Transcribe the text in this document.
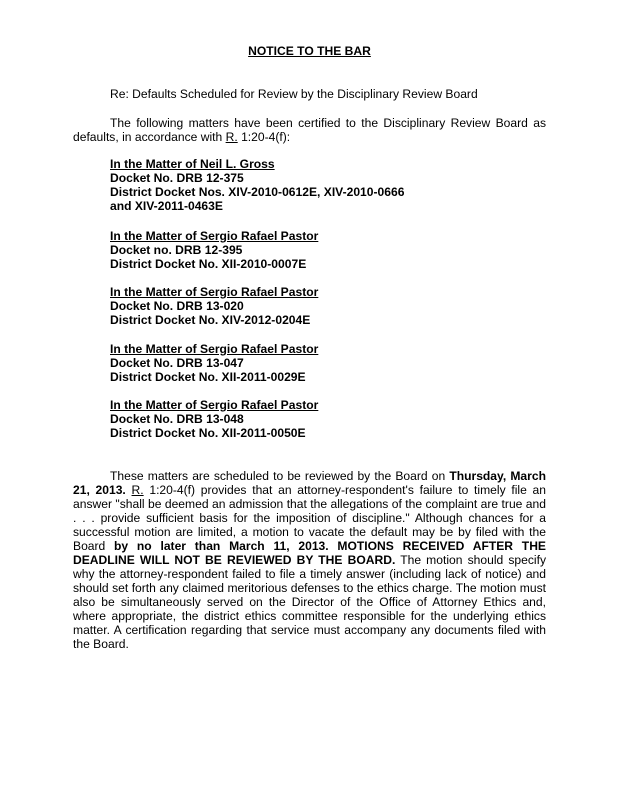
NOTICE TO THE BAR
Re: Defaults Scheduled for Review by the Disciplinary Review Board
The following matters have been certified to the Disciplinary Review Board as defaults, in accordance with R. 1:20-4(f):
In the Matter of Neil L. Gross
Docket No. DRB 12-375
District Docket Nos. XIV-2010-0612E, XIV-2010-0666
and XIV-2011-0463E
In the Matter of Sergio Rafael Pastor
Docket no. DRB 12-395
District Docket No. XII-2010-0007E
In the Matter of Sergio Rafael Pastor
Docket No. DRB 13-020
District Docket No. XIV-2012-0204E
In the Matter of Sergio Rafael Pastor
Docket No. DRB 13-047
District Docket No. XII-2011-0029E
In the Matter of Sergio Rafael Pastor
Docket No. DRB 13-048
District Docket No. XII-2011-0050E
These matters are scheduled to be reviewed by the Board on Thursday, March 21, 2013. R. 1:20-4(f) provides that an attorney-respondent's failure to timely file an answer "shall be deemed an admission that the allegations of the complaint are true and . . . provide sufficient basis for the imposition of discipline." Although chances for a successful motion are limited, a motion to vacate the default may be by filed with the Board by no later than March 11, 2013. MOTIONS RECEIVED AFTER THE DEADLINE WILL NOT BE REVIEWED BY THE BOARD. The motion should specify why the attorney-respondent failed to file a timely answer (including lack of notice) and should set forth any claimed meritorious defenses to the ethics charge. The motion must also be simultaneously served on the Director of the Office of Attorney Ethics and, where appropriate, the district ethics committee responsible for the underlying ethics matter. A certification regarding that service must accompany any documents filed with the Board.
